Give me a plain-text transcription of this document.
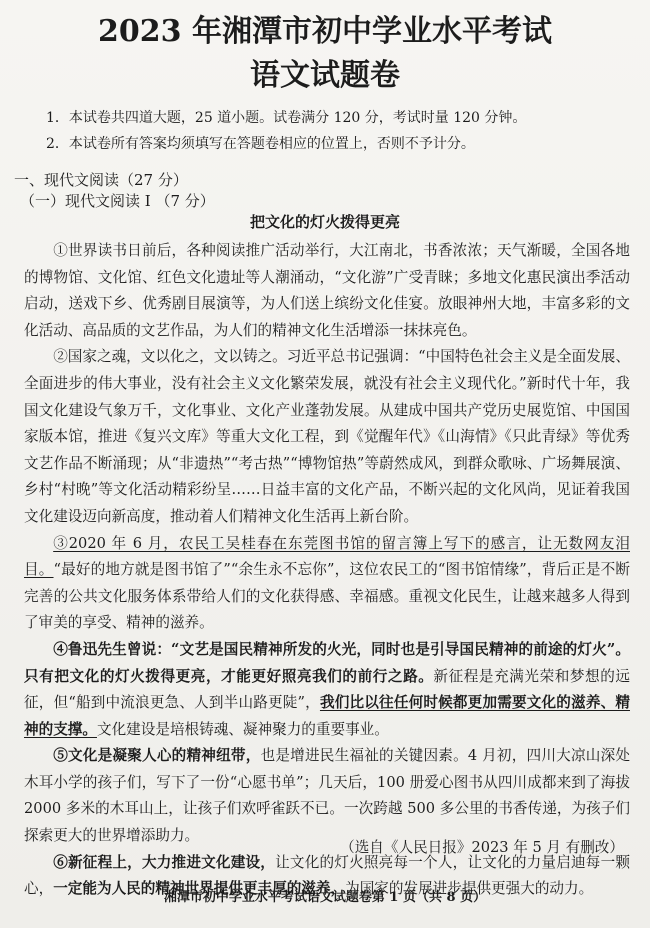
2023 年湘潭市初中学业水平考试
语文试题卷
1．本试卷共四道大题，25 道小题。试卷满分 120 分，考试时量 120 分钟。
2．本试卷所有答案均须填写在答题卷相应的位置上，否则不予计分。
一、现代文阅读（27 分）
（一）现代文阅读 I （7 分）
把文化的灯火拨得更亮

①世界读书日前后，各种阅读推广活动举行，大江南北，书香浓浓；天气渐暖，全国各地的博物馆、文化馆、红色文化遗址等人潮涌动，“文化游”广受青睐；多地文化惠民演出季活动启动，送戏下乡、优秀剧目展演等，为人们送上缤纷文化佳宴。放眼神州大地，丰富多彩的文化活动、高品质的文艺作品，为人们的精神文化生活增添一抹抹亮色。

②国家之魂，文以化之，文以铸之。习近平总书记强调：“中国特色社会主义是全面发展、全面进步的伟大事业，没有社会主义文化繁荣发展，就没有社会主义现代化。”新时代十年，我国文化建设气象万千，文化事业、文化产业蓬勃发展。从建成中国共产党历史展览馆、中国国家版本馆，推进《复兴文库》等重大文化工程，到《觉醒年代》《山海情》《只此青绿》等优秀文艺作品不断涌现；从“非遗热”“考古热”“博物馆热”等蔚然成风，到群众歌咏、广场舞展演、乡村“村晚”等文化活动精彩纷呈……日益丰富的文化产品，不断兴起的文化风尚，见证着我国文化建设迈向新高度，推动着人们精神文化生活再上新台阶。

③2020 年 6 月，农民工吴桂春在东莞图书馆的留言簿上写下的感言，让无数网友泪目。“最好的地方就是图书馆了”“余生永不忘你”，这位农民工的“图书馆情缘”，背后正是不断完善的公共文化服务体系带给人们的文化获得感、幸福感。重视文化民生，让越来越多人得到了审美的享受、精神的滋养。

④鲁迅先生曾说：“文艺是国民精神所发的火光，同时也是引导国民精神的前途的灯火”。只有把文化的灯火拨得更亮，才能更好照亮我们的前行之路。新征程是充满光荣和梦想的远征，但“船到中流浪更急、人到半山路更陡”，我们比以往任何时候都更加需要文化的滋养、精神的支撑。文化建设是培根铸魂、凝神聚力的重要事业。

⑤文化是凝聚人心的精神纽带，也是增进民生福祉的关键因素。4 月初，四川大凉山深处木耳小学的孩子们，写下了一份“心愿书单”；几天后，100 册爱心图书从四川成都来到了海拔 2000 多米的木耳山上，让孩子们欢呼雀跃不已。一次跨越 500 多公里的书香传递，为孩子们探索更大的世界增添助力。

⑥新征程上，大力推进文化建设，让文化的灯火照亮每一个人，让文化的力量启迪每一颗心，一定能为人民的精神世界提供更丰厚的滋养，为国家的发展进步提供更强大的动力。

（选自《人民日报》2023 年 5 月 有删改）
湘潭市初中学业水平考试语文试题卷第 1 页（共 8 页）
